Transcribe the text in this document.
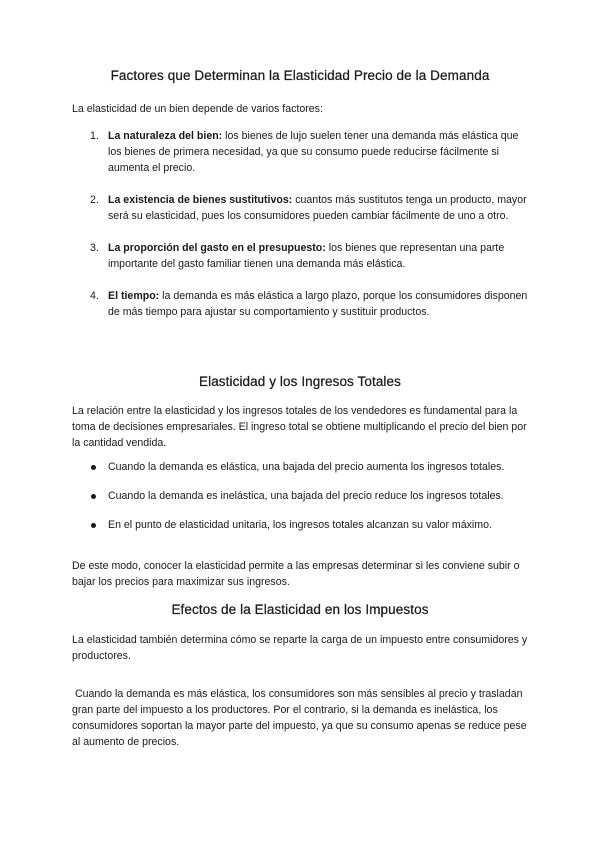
Factores que Determinan la Elasticidad Precio de la Demanda

La elasticidad de un bien depende de varios factores:

1. La naturaleza del bien: los bienes de lujo suelen tener una demanda más elástica que los bienes de primera necesidad, ya que su consumo puede reducirse fácilmente si aumenta el precio.
2. La existencia de bienes sustitutivos: cuantos más sustitutos tenga un producto, mayor será su elasticidad, pues los consumidores pueden cambiar fácilmente de uno a otro.
3. La proporción del gasto en el presupuesto: los bienes que representan una parte importante del gasto familiar tienen una demanda más elástica.
4. El tiempo: la demanda es más elástica a largo plazo, porque los consumidores disponen de más tiempo para ajustar su comportamiento y sustituir productos.
Elasticidad y los Ingresos Totales

La relación entre la elasticidad y los ingresos totales de los vendedores es fundamental para la toma de decisiones empresariales. El ingreso total se obtiene multiplicando el precio del bien por la cantidad vendida.

Cuando la demanda es elástica, una bajada del precio aumenta los ingresos totales.
Cuando la demanda es inelástica, una bajada del precio reduce los ingresos totales.
En el punto de elasticidad unitaria, los ingresos totales alcanzan su valor máximo.

De este modo, conocer la elasticidad permite a las empresas determinar si les conviene subir o bajar los precios para maximizar sus ingresos.

Efectos de la Elasticidad en los Impuestos

La elasticidad también determina cómo se reparte la carga de un impuesto entre consumidores y productores.

Cuando la demanda es más elástica, los consumidores son más sensibles al precio y trasladan gran parte del impuesto a los productores. Por el contrario, si la demanda es inelástica, los consumidores soportan la mayor parte del impuesto, ya que su consumo apenas se reduce pese al aumento de precios.
